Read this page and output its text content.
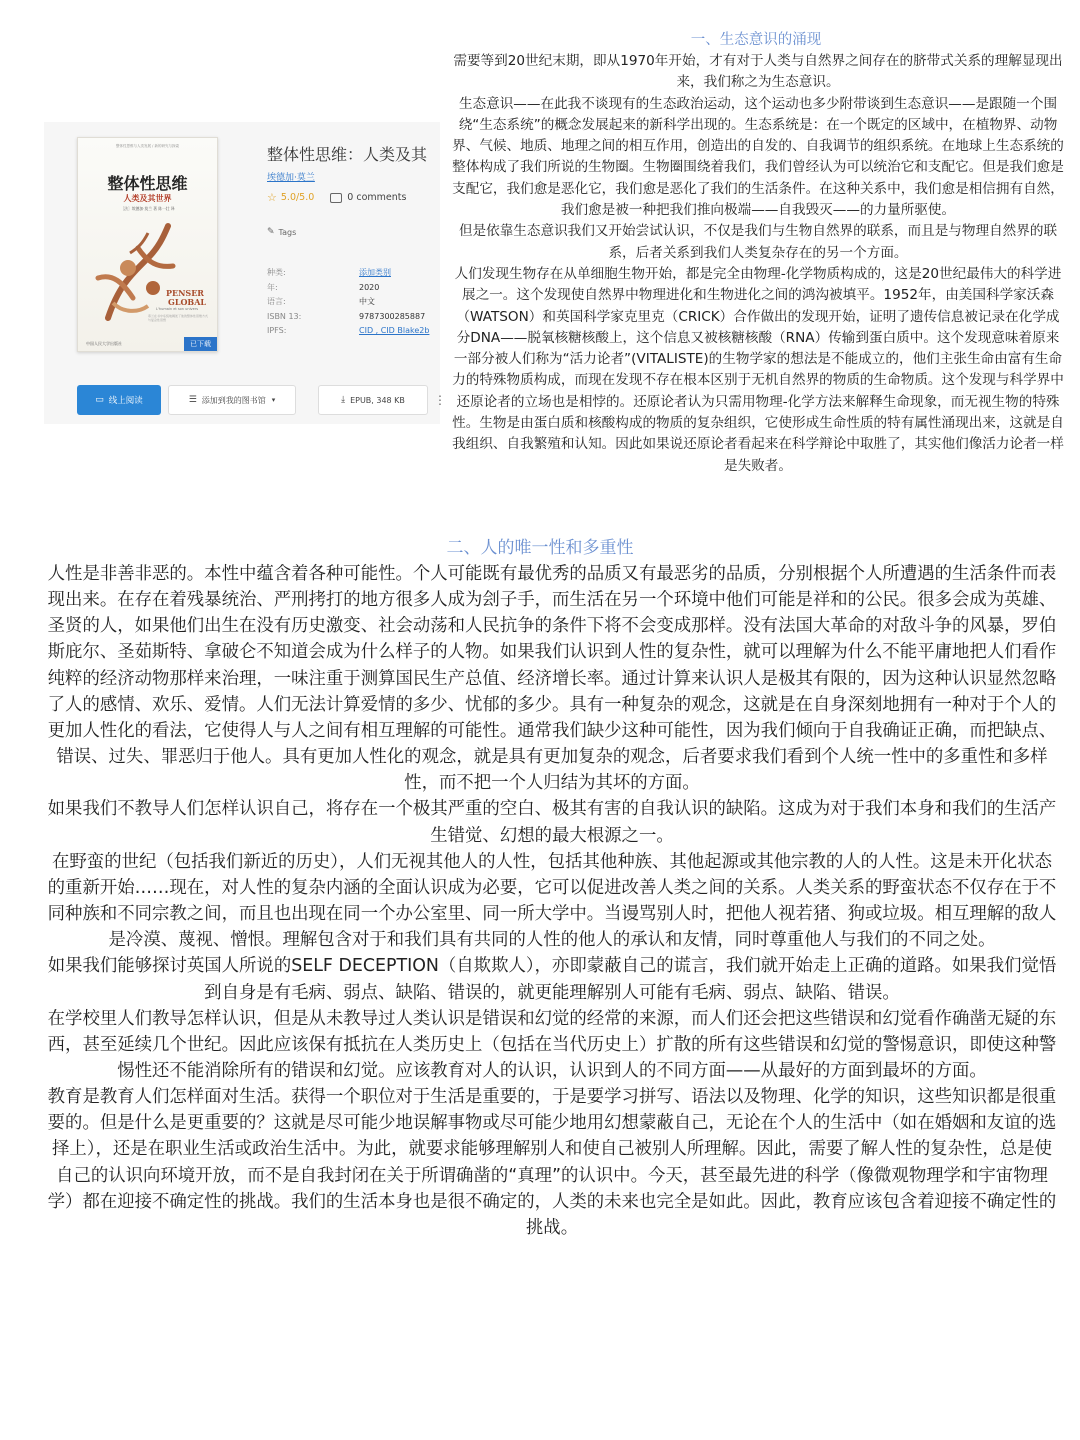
一、生态意识的涌现

需要等到20世纪末期，即从1970年开始，才有对于人类与自然界之间存在的脐带式关系的理解显现出来，我们称之为生态意识。

生态意识——在此我不谈现有的生态政治运动，这个运动也多少附带谈到生态意识——是跟随一个围绕“生态系统”的概念发展起来的新科学出现的。生态系统是：在一个既定的区域中，在植物界、动物界、气候、地质、地理之间的相互作用，创造出的自发的、自我调节的组织系统。在地球上生态系统的整体构成了我们所说的生物圈。生物圈围绕着我们，我们曾经认为可以统治它和支配它。但是我们愈是支配它，我们愈是恶化它，我们愈是恶化了我们的生活条件。在这种关系中，我们愈是相信拥有自然，我们愈是被一种把我们推向极端——自我毁灭——的力量所驱使。

但是依靠生态意识我们又开始尝试认识，不仅是我们与生物自然界的联系，而且是与物理自然界的联系，后者关系到我们人类复杂存在的另一个方面。

人们发现生物存在从单细胞生物开始，都是完全由物理-化学物质构成的，这是20世纪最伟大的科学进展之一。这个发现使自然界中物理进化和生物进化之间的鸿沟被填平。1952年，由美国科学家沃森（WATSON）和英国科学家克里克（CRICK）合作做出的发现开始，证明了遗传信息被记录在化学成分DNA——脱氧核糖核酸上，这个信息又被核糖核酸（RNA）传输到蛋白质中。这个发现意味着原来一部分被人们称为“活力论者”(VITALISTE)的生物学家的想法是不能成立的，他们主张生命由富有生命力的特殊物质构成，而现在发现不存在根本区别于无机自然界的物质的生命物质。这个发现与科学界中还原论者的立场也是相悖的。还原论者认为只需用物理-化学方法来解释生命现象，而无视生物的特殊性。生物是由蛋白质和核酸构成的物质的复杂组织，它使形成生命性质的特有属性涌现出来，这就是自我组织、自我繁殖和认知。因此如果说还原论者看起来在科学辩论中取胜了，其实他们像活力论者一样是失败者。

整体性思维与人类发展 / 新的研究与探索
整体性思维
人类及其世界
［法］埃德加·莫兰 著 陈一壮 译
PENSER
GLOBAL
L'humain et son univers
莫兰在书中系统地阐述了他的整体性思维方式与复杂性思想
中国人民大学出版社	已下载
整体性思维：人类及其
埃德加·莫兰
☆ 5.0/5.0	0 comments
✎ Tags
种类:	添加类别
年:	2020
语言:	中文
ISBN 13:	9787300285887
IPFS:	CID , CID Blake2b
▭ 线上阅读	☰ 添加到我的图书馆 ▾	⤓ EPUB, 348 KB ⋮
二、人的唯一性和多重性

人性是非善非恶的。本性中蕴含着各种可能性。个人可能既有最优秀的品质又有最恶劣的品质，分别根据个人所遭遇的生活条件而表现出来。在存在着残暴统治、严刑拷打的地方很多人成为刽子手，而生活在另一个环境中他们可能是祥和的公民。很多会成为英雄、圣贤的人，如果他们出生在没有历史激变、社会动荡和人民抗争的条件下将不会变成那样。没有法国大革命的对敌斗争的风暴，罗伯斯庇尔、圣茹斯特、拿破仑不知道会成为什么样子的人物。如果我们认识到人性的复杂性，就可以理解为什么不能平庸地把人们看作纯粹的经济动物那样来治理，一味注重于测算国民生产总值、经济增长率。通过计算来认识人是极其有限的，因为这种认识显然忽略了人的感情、欢乐、爱情。人们无法计算爱情的多少、忧郁的多少。具有一种复杂的观念，这就是在自身深刻地拥有一种对于个人的更加人性化的看法，它使得人与人之间有相互理解的可能性。通常我们缺少这种可能性，因为我们倾向于自我确证正确，而把缺点、错误、过失、罪恶归于他人。具有更加人性化的观念，就是具有更加复杂的观念，后者要求我们看到个人统一性中的多重性和多样性，而不把一个人归结为其坏的方面。

如果我们不教导人们怎样认识自己，将存在一个极其严重的空白、极其有害的自我认识的缺陷。这成为对于我们本身和我们的生活产生错觉、幻想的最大根源之一。

在野蛮的世纪（包括我们新近的历史），人们无视其他人的人性，包括其他种族、其他起源或其他宗教的人的人性。这是未开化状态的重新开始……现在，对人性的复杂内涵的全面认识成为必要，它可以促进改善人类之间的关系。人类关系的野蛮状态不仅存在于不同种族和不同宗教之间，而且也出现在同一个办公室里、同一所大学中。当谩骂别人时，把他人视若猪、狗或垃圾。相互理解的敌人是冷漠、蔑视、憎恨。理解包含对于和我们具有共同的人性的他人的承认和友情，同时尊重他人与我们的不同之处。

如果我们能够探讨英国人所说的SELF DECEPTION（自欺欺人），亦即蒙蔽自己的谎言，我们就开始走上正确的道路。如果我们觉悟到自身是有毛病、弱点、缺陷、错误的，就更能理解别人可能有毛病、弱点、缺陷、错误。

在学校里人们教导怎样认识，但是从未教导过人类认识是错误和幻觉的经常的来源，而人们还会把这些错误和幻觉看作确凿无疑的东西，甚至延续几个世纪。因此应该保有抵抗在人类历史上（包括在当代历史上）扩散的所有这些错误和幻觉的警惕意识，即使这种警惕性还不能消除所有的错误和幻觉。应该教育对人的认识，认识到人的不同方面——从最好的方面到最坏的方面。

教育是教育人们怎样面对生活。获得一个职位对于生活是重要的，于是要学习拼写、语法以及物理、化学的知识，这些知识都是很重要的。但是什么是更重要的？这就是尽可能少地误解事物或尽可能少地用幻想蒙蔽自己，无论在个人的生活中（如在婚姻和友谊的选择上），还是在职业生活或政治生活中。为此，就要求能够理解别人和使自己被别人所理解。因此，需要了解人性的复杂性，总是使自己的认识向环境开放，而不是自我封闭在关于所谓确凿的“真理”的认识中。今天，甚至最先进的科学（像微观物理学和宇宙物理学）都在迎接不确定性的挑战。我们的生活本身也是很不确定的，人类的未来也完全是如此。因此，教育应该包含着迎接不确定性的挑战。
